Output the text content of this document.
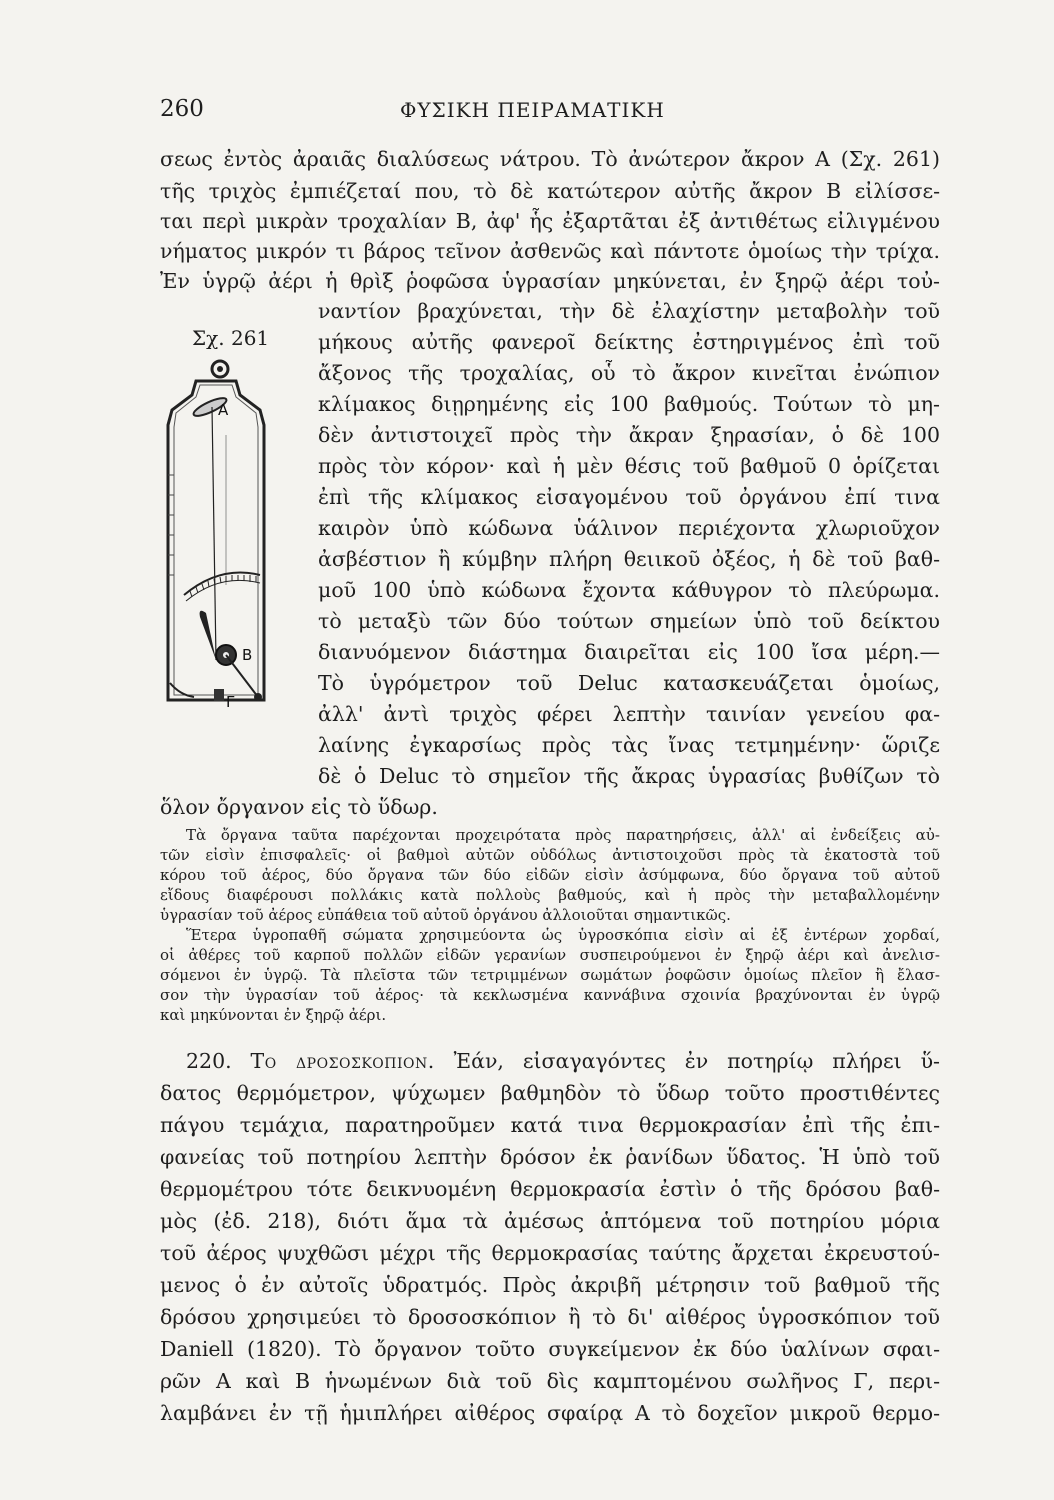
260	ΦΥΣΙΚΗ ΠΕΙΡΑΜΑΤΙΚΗ
σεως ἐντὸς ἀραιᾶς διαλύσεως νάτρου. Τὸ ἀνώτερον ἄκρον Α (Σχ. 261)
τῆς τριχὸς ἐμπιέζεταί που, τὸ δὲ κατώτερον αὐτῆς ἄκρον Β εἰλίσσε-
ται περὶ μικρὰν τροχαλίαν Β, ἀφ' ἧς ἐξαρτᾶται ἐξ ἀντιθέτως εἰλιγμένου
νήματος μικρόν τι βάρος τεῖνον ἀσθενῶς καὶ πάντοτε ὁμοίως τὴν τρίχα.
Ἐν ὑγρῷ ἀέρι ἡ θρὶξ ῥοφῶσα ὑγρασίαν μηκύνεται, ἐν ξηρῷ ἀέρι τοὐ-
ναντίον βραχύνεται, τὴν δὲ ἐλαχίστην μεταβολὴν τοῦ
μήκους αὐτῆς φανεροῖ δείκτης ἐστηριγμένος ἐπὶ τοῦ
ἄξονος τῆς τροχαλίας, οὗ τὸ ἄκρον κινεῖται ἐνώπιον
κλίμακος διῃρημένης εἰς 100 βαθμούς. Τούτων τὸ μη-
δὲν ἀντιστοιχεῖ πρὸς τὴν ἄκραν ξηρασίαν, ὁ δὲ 100
πρὸς τὸν κόρον· καὶ ἡ μὲν θέσις τοῦ βαθμοῦ 0 ὁρίζεται
ἐπὶ τῆς κλίμακος εἰσαγομένου τοῦ ὀργάνου ἐπί τινα
καιρὸν ὑπὸ κώδωνα ὑάλινον περιέχοντα χλωριοῦχον
ἀσβέστιον ἢ κύμβην πλήρη θειικοῦ ὀξέος, ἡ δὲ τοῦ βαθ-
μοῦ 100 ὑπὸ κώδωνα ἔχοντα κάθυγρον τὸ πλεύρωμα.
τὸ μεταξὺ τῶν δύο τούτων σημείων ὑπὸ τοῦ δείκτου
διανυόμενον διάστημα διαιρεῖται εἰς 100 ἴσα μέρη.—
Τὸ ὑγρόμετρον τοῦ Deluc κατασκευάζεται ὁμοίως,
ἀλλ' ἀντὶ τριχὸς φέρει λεπτὴν ταινίαν γενείου φα-
λαίνης ἐγκαρσίως πρὸς τὰς ἴνας τετμημένην· ὥριζε
δὲ ὁ Deluc τὸ σημεῖον τῆς ἄκρας ὑγρασίας βυθίζων τὸ
ὅλον ὄργανον εἰς τὸ ὕδωρ.
Σχ. 261
A
B
Γ
Τὰ ὄργανα ταῦτα παρέχονται προχειρότατα πρὸς παρατηρήσεις, ἀλλ' αἱ ἐνδείξεις αὐ-
τῶν εἰσὶν ἐπισφαλεῖς· οἱ βαθμοὶ αὐτῶν οὐδόλως ἀντιστοιχοῦσι πρὸς τὰ ἑκατοστὰ τοῦ
κόρου τοῦ ἀέρος, δύο ὄργανα τῶν δύο εἰδῶν εἰσὶν ἀσύμφωνα, δύο ὄργανα τοῦ αὐτοῦ
εἴδους διαφέρουσι πολλάκις κατὰ πολλοὺς βαθμούς, καὶ ἡ πρὸς τὴν μεταβαλλομένην
ὑγρασίαν τοῦ ἀέρος εὐπάθεια τοῦ αὐτοῦ ὀργάνου ἀλλοιοῦται σημαντικῶς.
Ἕτερα ὑγροπαθῆ σώματα χρησιμεύοντα ὡς ὑγροσκόπια εἰσὶν αἱ ἐξ ἐντέρων χορδαί,
οἱ ἀθέρες τοῦ καρποῦ πολλῶν εἰδῶν γερανίων συσπειρούμενοι ἐν ξηρῷ ἀέρι καὶ ἀνελισ-
σόμενοι ἐν ὑγρῷ. Τὰ πλεῖστα τῶν τετριμμένων σωμάτων ῥοφῶσιν ὁμοίως πλεῖον ἢ ἔλασ-
σον τὴν ὑγρασίαν τοῦ ἀέρος· τὰ κεκλωσμένα καννάβινα σχοινία βραχύνονται ἐν ὑγρῷ
καὶ μηκύνονται ἐν ξηρῷ ἀέρι.
220. Το δροσοσκοπιον. Ἐάν, εἰσαγαγόντες ἐν ποτηρίῳ πλήρει ὕ-
δατος θερμόμετρον, ψύχωμεν βαθμηδὸν τὸ ὕδωρ τοῦτο προστιθέντες
πάγου τεμάχια, παρατηροῦμεν κατά τινα θερμοκρασίαν ἐπὶ τῆς ἐπι-
φανείας τοῦ ποτηρίου λεπτὴν δρόσον ἐκ ῥανίδων ὕδατος. Ἡ ὑπὸ τοῦ
θερμομέτρου τότε δεικνυομένη θερμοκρασία ἐστὶν ὁ τῆς δρόσου βαθ-
μὸς (ἐδ. 218), διότι ἅμα τὰ ἀμέσως ἁπτόμενα τοῦ ποτηρίου μόρια
τοῦ ἀέρος ψυχθῶσι μέχρι τῆς θερμοκρασίας ταύτης ἄρχεται ἐκρευστού-
μενος ὁ ἐν αὐτοῖς ὑδρατμός. Πρὸς ἀκριβῆ μέτρησιν τοῦ βαθμοῦ τῆς
δρόσου χρησιμεύει τὸ δροσοσκόπιον ἢ τὸ δι' αἰθέρος ὑγροσκόπιον τοῦ
Daniell (1820). Τὸ ὄργανον τοῦτο συγκείμενον ἐκ δύο ὑαλίνων σφαι-
ρῶν Α καὶ Β ἡνωμένων διὰ τοῦ δὶς καμπτομένου σωλῆνος Γ, περι-
λαμβάνει ἐν τῇ ἡμιπλήρει αἰθέρος σφαίρᾳ Α τὸ δοχεῖον μικροῦ θερμο-
